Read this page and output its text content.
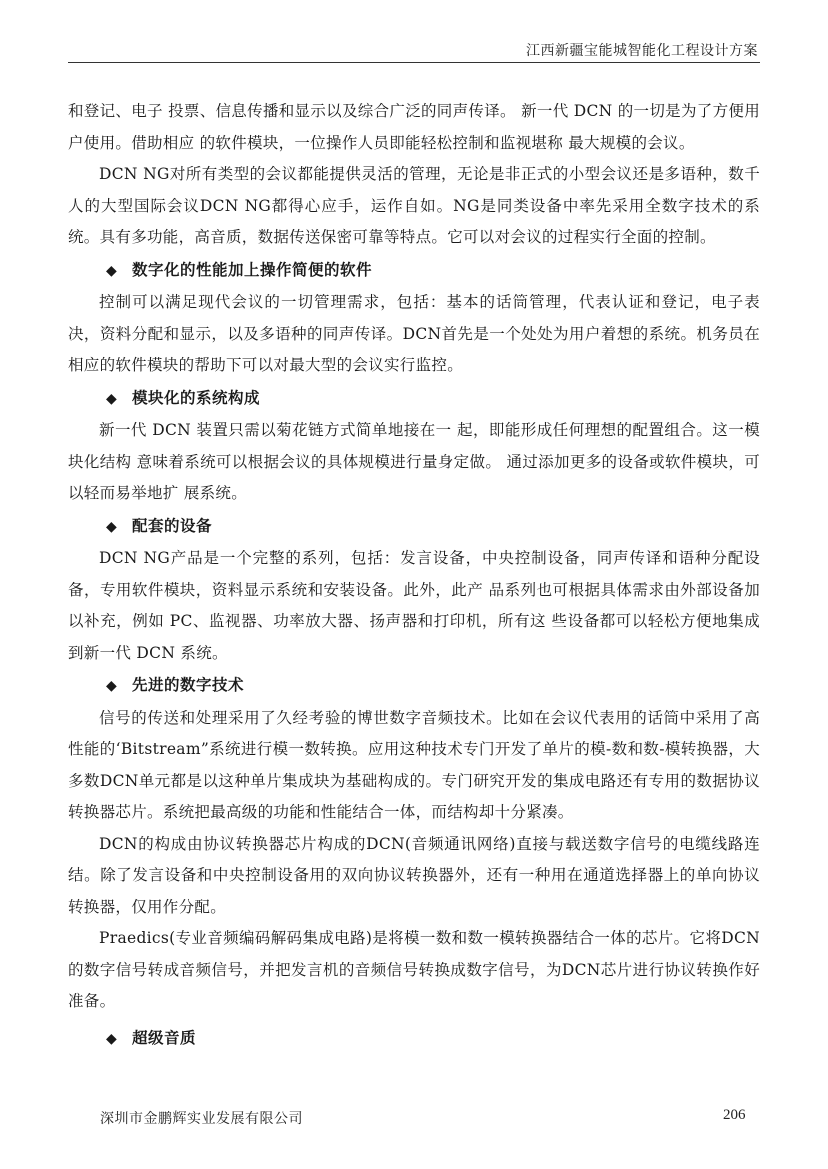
江西新疆宝能城智能化工程设计方案

和登记、电子 投票、信息传播和显示以及综合广泛的同声传译。 新一代 DCN 的一切是为了方便用户使用。借助相应 的软件模块，一位操作人员即能轻松控制和监视堪称 最大规模的会议。

DCN NG对所有类型的会议都能提供灵活的管理，无论是非正式的小型会议还是多语种，数千人的大型国际会议DCN NG都得心应手，运作自如。NG是同类设备中率先采用全数字技术的系统。具有多功能，高音质，数据传送保密可靠等特点。它可以对会议的过程实行全面的控制。

◆ 数字化的性能加上操作简便的软件

控制可以满足现代会议的一切管理需求，包括：基本的话筒管理，代表认证和登记，电子表决，资料分配和显示，以及多语种的同声传译。DCN首先是一个处处为用户着想的系统。机务员在相应的软件模块的帮助下可以对最大型的会议实行监控。

◆ 模块化的系统构成

新一代 DCN 装置只需以菊花链方式简单地接在一 起，即能形成任何理想的配置组合。这一模块化结构 意味着系统可以根据会议的具体规模进行量身定做。 通过添加更多的设备或软件模块，可以轻而易举地扩 展系统。

◆ 配套的设备

DCN NG产品是一个完整的系列，包括：发言设备，中央控制设备，同声传译和语种分配设备，专用软件模块，资料显示系统和安装设备。此外，此产 品系列也可根据具体需求由外部设备加以补充，例如 PC、监视器、功率放大器、扬声器和打印机，所有这 些设备都可以轻松方便地集成到新一代 DCN 系统。

◆ 先进的数字技术

信号的传送和处理采用了久经考验的博世数字音频技术。比如在会议代表用的话筒中采用了高性能的‘Bitstream”系统进行模一数转换。应用这种技术专门开发了单片的模-数和数-模转换器，大多数DCN单元都是以这种单片集成块为基础构成的。专门研究开发的集成电路还有专用的数据协议转换器芯片。系统把最高级的功能和性能结合一体，而结构却十分紧凑。

DCN的构成由协议转换器芯片构成的DCN(音频通讯网络)直接与载送数字信号的电缆线路连结。除了发言设备和中央控制设备用的双向协议转换器外，还有一种用在通道选择器上的单向协议转换器，仅用作分配。

Praedics(专业音频编码解码集成电路)是将模一数和数一模转换器结合一体的芯片。它将DCN的数字信号转成音频信号，并把发言机的音频信号转换成数字信号，为DCN芯片进行协议转换作好准备。

◆ 超级音质
深圳市金鹏辉实业发展有限公司	206
